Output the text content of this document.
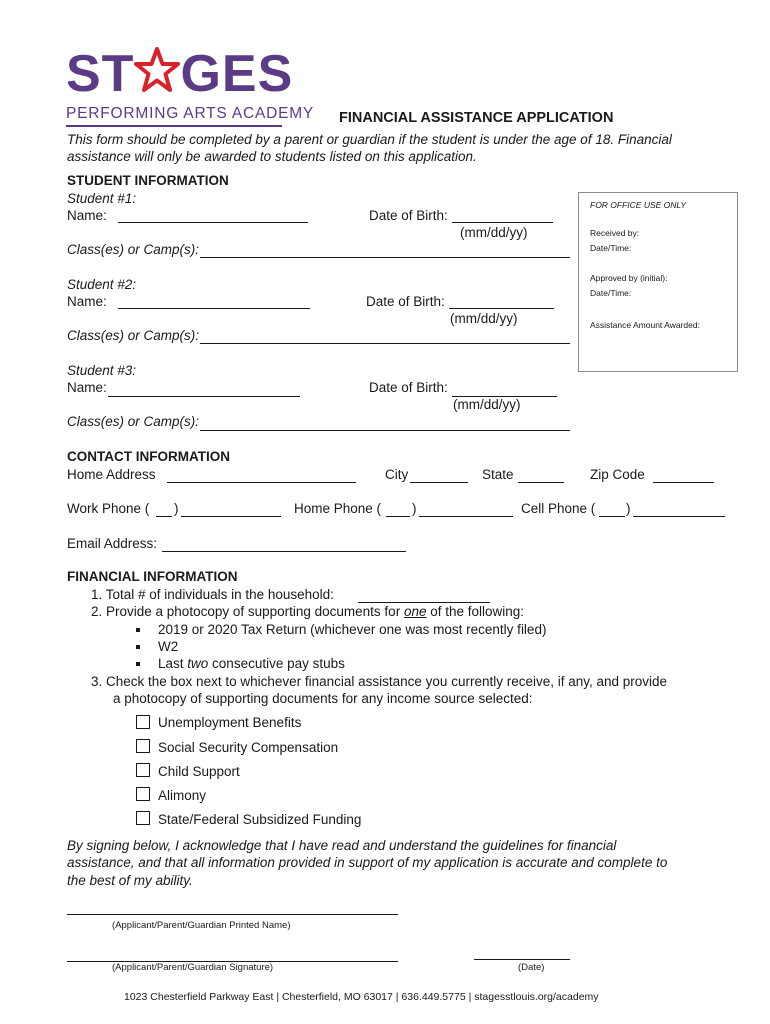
ST GES
PERFORMING ARTS ACADEMY FINANCIAL ASSISTANCE APPLICATION
This form should be completed by a parent or guardian if the student is under the age of 18. Financial
assistance will only be awarded to students listed on this application.
STUDENT INFORMATION
Student #1:
Name:	Date of Birth:
(mm/dd/yy)
Class(es) or Camp(s):
Student #2:
Name:	Date of Birth:
(mm/dd/yy)
Class(es) or Camp(s):
Student #3:
Name:	Date of Birth:
(mm/dd/yy)
Class(es) or Camp(s):
FOR OFFICE USE ONLY
Received by:
Date/Time:
Approved by (initial):
Date/Time:
Assistance Amount Awarded:
CONTACT INFORMATION
Home Address	City	State	Zip Code
Work Phone ( )	Home Phone ( )	Cell Phone ( )
Email Address:
FINANCIAL INFORMATION
1. Total # of individuals in the household:
2. Provide a photocopy of supporting documents for one of the following:
2019 or 2020 Tax Return (whichever one was most recently filed)
W2
Last two consecutive pay stubs
3. Check the box next to whichever financial assistance you currently receive, if any, and provide
a photocopy of supporting documents for any income source selected:
Unemployment Benefits
Social Security Compensation
Child Support
Alimony
State/Federal Subsidized Funding
By signing below, I acknowledge that I have read and understand the guidelines for financial
assistance, and that all information provided in support of my application is accurate and complete to
the best of my ability.
(Applicant/Parent/Guardian Printed Name)
(Applicant/Parent/Guardian Signature)	(Date)
1023 Chesterfield Parkway East | Chesterfield, MO 63017 | 636.449.5775 | stagesstlouis.org/academy
